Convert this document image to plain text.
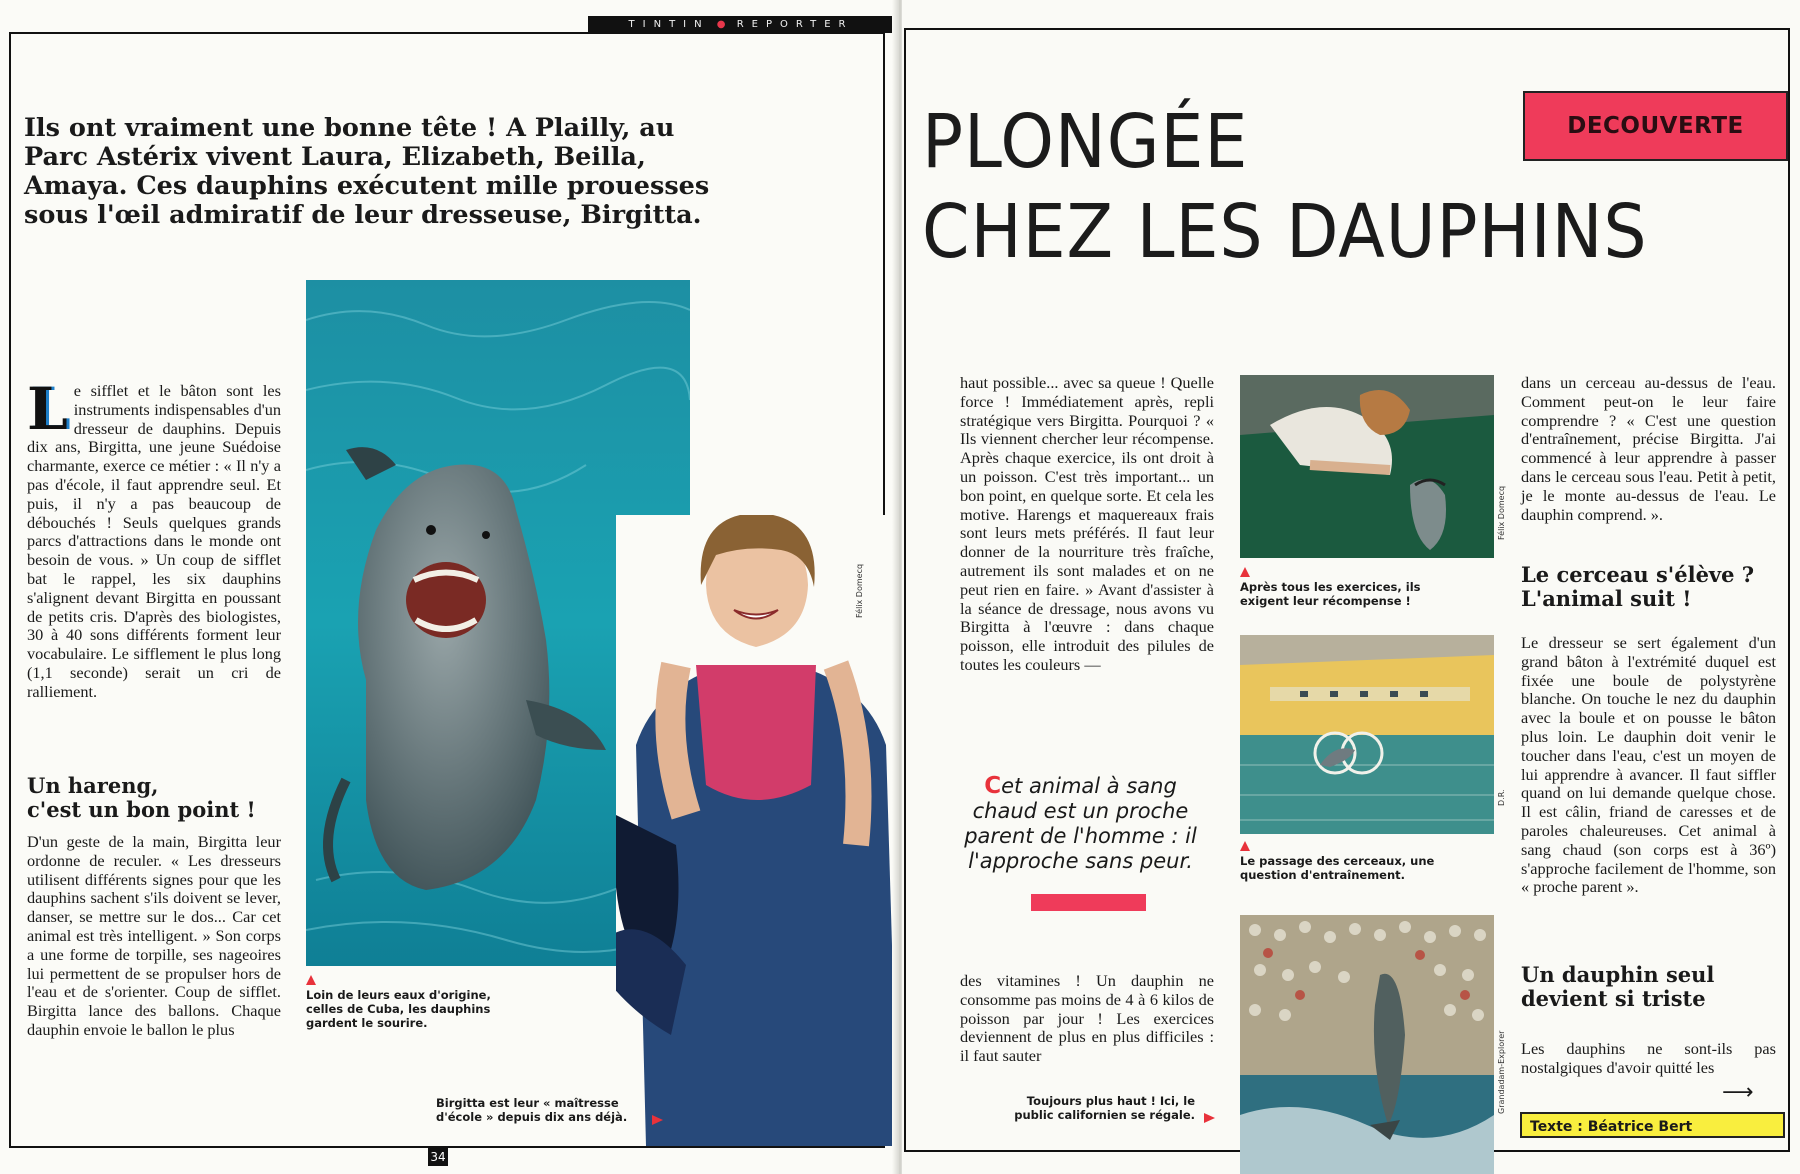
TINTIN ● REPORTER
Ils ont vraiment une bonne tête ! A Plailly, au Parc Astérix vivent Laura, Elizabeth, Beilla, Amaya. Ces dauphins exécutent mille prouesses sous l'œil admiratif de leur dresseuse, Birgitta.
Félix Domecq

Le sifflet et le bâton sont les instruments indispensables d'un dresseur de dauphins. Depuis dix ans, Birgitta, une jeune Suédoise charmante, exerce ce métier : « Il n'y a pas d'école, il faut apprendre seul. Et puis, il n'y a pas beaucoup de débouchés ! Seuls quelques grands parcs d'attractions dans le monde ont besoin de vous. » Un coup de sifflet bat le rappel, les six dauphins s'alignent devant Birgitta en poussant de petits cris. D'après des biologistes, 30 à 40 sons différents forment leur vocabulaire. Le sifflement le plus long (1,1 seconde) serait un cri de ralliement.

Un hareng,
c'est un bon point !

D'un geste de la main, Birgitta leur ordonne de reculer. « Les dresseurs utilisent différents signes pour que les dauphins sachent s'ils doivent se lever, danser, se mettre sur le dos... Car cet animal est très intelligent. » Son corps a une forme de torpille, ses nageoires lui permettent de se propulser hors de l'eau et de s'orienter. Coup de sifflet. Birgitta lance des ballons. Chaque dauphin envoie le ballon le plus

Loin de leurs eaux d'origine, celles de Cuba, les dauphins gardent le sourire.
Birgitta est leur « maîtresse d'école » depuis dix ans déjà.
34
PLONGÉE
CHEZ LES DAUPHINS
DECOUVERTE

haut possible... avec sa queue ! Quelle force ! Immédiatement après, repli stratégique vers Birgitta. Pourquoi ? « Ils viennent chercher leur récompense. Après chaque exercice, ils ont droit à un poisson. C'est très important... un bon point, en quelque sorte. Et cela les motive. Harengs et maquereaux frais sont leurs mets préférés. Il faut leur donner de la nourriture très fraîche, autrement ils sont malades et on ne peut rien en faire. » Avant d'assister à la séance de dressage, nous avons vu Birgitta à l'œuvre : dans chaque poisson, elle introduit des pilules de toutes les couleurs —

Cet animal à sang chaud est un proche parent de l'homme : il l'approche sans peur.

des vitamines ! Un dauphin ne consomme pas moins de 4 à 6 kilos de poisson par jour ! Les exercices deviennent de plus en plus difficiles : il faut sauter

Toujours plus haut ! Ici, le public californien se régale.
Félix Domecq
Après tous les exercices, ils exigent leur récompense !
D.R.
Le passage des cerceaux, une question d'entraînement.
Grandadam-Explorer

dans un cerceau au-dessus de l'eau. Comment peut-on le leur faire comprendre ? « C'est une question d'entraînement, précise Birgitta. J'ai commencé à leur apprendre à passer dans le cerceau sous l'eau. Petit à petit, je le monte au-dessus de l'eau. Le dauphin comprend. ».

Le cerceau s'élève ?
L'animal suit !

Le dresseur se sert également d'un grand bâton à l'extrémité duquel est fixée une boule de polystyrène blanche. On touche le nez du dauphin avec la boule et on pousse le bâton plus loin. Le dauphin doit venir le toucher dans l'eau, c'est un moyen de lui apprendre à avancer. Il faut siffler quand on lui demande quelque chose. Il est câlin, friand de caresses et de paroles chaleureuses. Cet animal à sang chaud (son corps est à 36º) s'approche facilement de l'homme, son « proche parent ».

Un dauphin seul
devient si triste

Les dauphins ne sont-ils pas nostalgiques d'avoir quitté les

⟶
Texte : Béatrice Bert
